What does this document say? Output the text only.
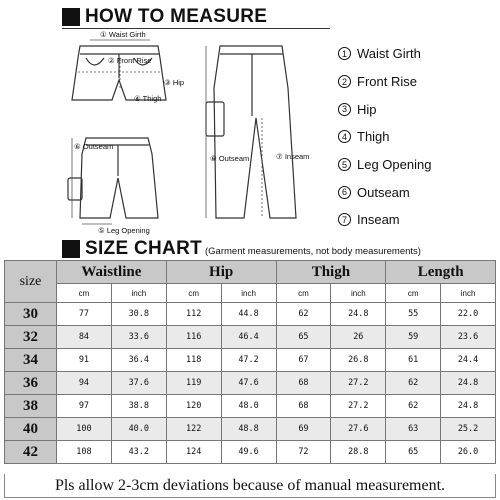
HOW TO MEASURE
① Waist Girth
② Front Rise
③ Hip
④ Thigh
⑥ Outseam
⑤ Leg Opening
⑥ Outseam	⑦ Inseam
1 Waist Girth
2 Front Rise
3 Hip
4 Thigh
5 Leg Opening
6 Outseam
7 Inseam
SIZE CHART (Garment measurements, not body measurements)
size	Waistline		Hip		Thigh		Length	
	cm	inch	cm	inch	cm	inch	cm	inch
30	77	30.8	112	44.8	62	24.8	55	22.0
32	84	33.6	116	46.4	65	26	59	23.6
34	91	36.4	118	47.2	67	26.8	61	24.4
36	94	37.6	119	47.6	68	27.2	62	24.8
38	97	38.8	120	48.0	68	27.2	62	24.8
40	100	40.0	122	48.8	69	27.6	63	25.2
42	108	43.2	124	49.6	72	28.8	65	26.0
Pls allow 2-3cm deviations because of manual measurement.
